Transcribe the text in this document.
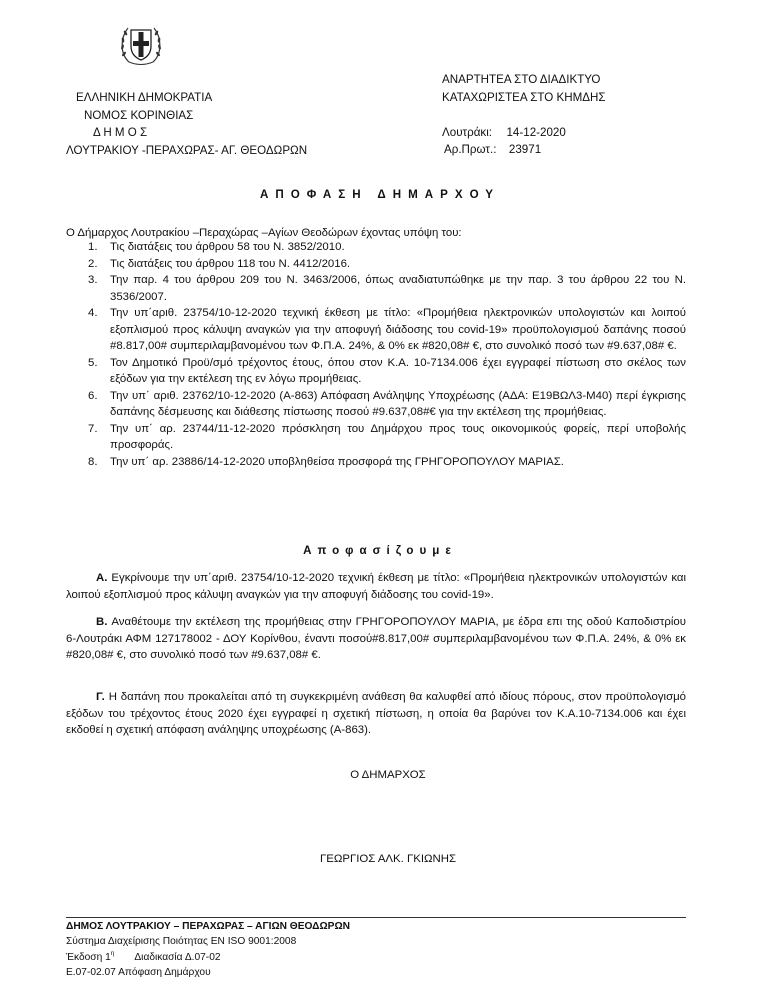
ΕΛΛΗΝΙΚΗ ΔΗΜΟΚΡΑΤΙΑ
ΝΟΜΟΣ ΚΟΡΙΝΘΙΑΣ
Δ Η Μ Ο Σ
ΛΟΥΤΡΑΚΙΟΥ -ΠΕΡΑΧΩΡΑΣ- ΑΓ. ΘΕΟΔΩΡΩΝ
ΑΝΑΡΤΗΤΕΑ ΣΤΟ ΔΙΑΔΙΚΤΥΟ
ΚΑΤΑΧΩΡΙΣΤΕΑ ΣΤΟ ΚΗΜΔΗΣ
Λουτράκι: 14-12-2020
Αρ.Πρωτ.: 23971
ΑΠΟΦΑΣΗ ΔΗΜΑΡΧΟΥ
Ο Δήμαρχος Λουτρακίου –Περαχώρας –Αγίων Θεοδώρων έχοντας υπόψη του:
1. Τις διατάξεις του άρθρου 58 του Ν. 3852/2010.
2. Τις διατάξεις του άρθρου 118 του Ν. 4412/2016.
3. Την παρ. 4 του άρθρου 209 του Ν. 3463/2006, όπως αναδιατυπώθηκε με την παρ. 3 του άρθρου 22 του Ν. 3536/2007.
4. Την υπ΄αριθ. 23754/10-12-2020 τεχνική έκθεση με τίτλο: «Προμήθεια ηλεκτρονικών υπολογιστών και λοιπού εξοπλισμού προς κάλυψη αναγκών για την αποφυγή διάδοσης του covid-19» προϋπολογισμού δαπάνης ποσού #8.817,00# συμπεριλαμβανομένου των Φ.Π.Α. 24%, & 0% εκ #820,08# €, στο συνολικό ποσό των #9.637,08# €.
5. Τον Δημοτικό Προϋ/σμό τρέχοντος έτους, όπου στον Κ.Α. 10-7134.006 έχει εγγραφεί πίστωση στο σκέλος των εξόδων για την εκτέλεση της εν λόγω προμήθειας.
6. Την υπ΄ αριθ. 23762/10-12-2020 (Α-863) Απόφαση Ανάληψης Υποχρέωσης (ΑΔΑ: Ε19ΒΩΛ3-Μ40) περί έγκρισης δαπάνης δέσμευσης και διάθεσης πίστωσης ποσού #9.637,08#€ για την εκτέλεση της προμήθειας.
7. Την υπ΄ αρ. 23744/11-12-2020 πρόσκληση του Δημάρχου προς τους οικονομικούς φορείς, περί υποβολής προσφοράς.
8. Την υπ΄ αρ. 23886/14-12-2020 υποβληθείσα προσφορά της ΓΡΗΓΟΡΟΠΟΥΛΟΥ ΜΑΡΙΑΣ.
Αποφασίζουμε
Α. Εγκρίνουμε την υπ΄αριθ. 23754/10-12-2020 τεχνική έκθεση με τίτλο: «Προμήθεια ηλεκτρονικών υπολογιστών και λοιπού εξοπλισμού προς κάλυψη αναγκών για την αποφυγή διάδοσης του covid-19».
Β. Αναθέτουμε την εκτέλεση της προμήθειας στην ΓΡΗΓΟΡΟΠΟΥΛΟΥ ΜΑΡΙΑ, με έδρα επι της οδού Καποδιστρίου 6-Λουτράκι ΑΦΜ 127178002 - ΔΟΥ Κορίνθου, έναντι ποσού#8.817,00# συμπεριλαμβανομένου των Φ.Π.Α. 24%, & 0% εκ #820,08# €, στο συνολικό ποσό των #9.637,08# €.
Γ. Η δαπάνη που προκαλείται από τη συγκεκριμένη ανάθεση θα καλυφθεί από ιδίους πόρους, στον προϋπολογισμό εξόδων του τρέχοντος έτους 2020 έχει εγγραφεί η σχετική πίστωση, η οποία θα βαρύνει τον Κ.Α.10-7134.006 και έχει εκδοθεί η σχετική απόφαση ανάληψης υποχρέωσης (Α-863).
Ο ΔΗΜΑΡΧΟΣ
ΓΕΩΡΓΙΟΣ ΑΛΚ. ΓΚΙΩΝΗΣ
ΔΗΜΟΣ ΛΟΥΤΡΑΚΙΟΥ – ΠΕΡΑΧΩΡΑΣ – ΑΓΙΩΝ ΘΕΟΔΩΡΩΝ
Σύστημα Διαχείρισης Ποιότητας ΕΝ ISO 9001:2008
Έκδοση $1^\eta$ Διαδικασία Δ.07-02
Ε.07-02.07 Απόφαση Δημάρχου
